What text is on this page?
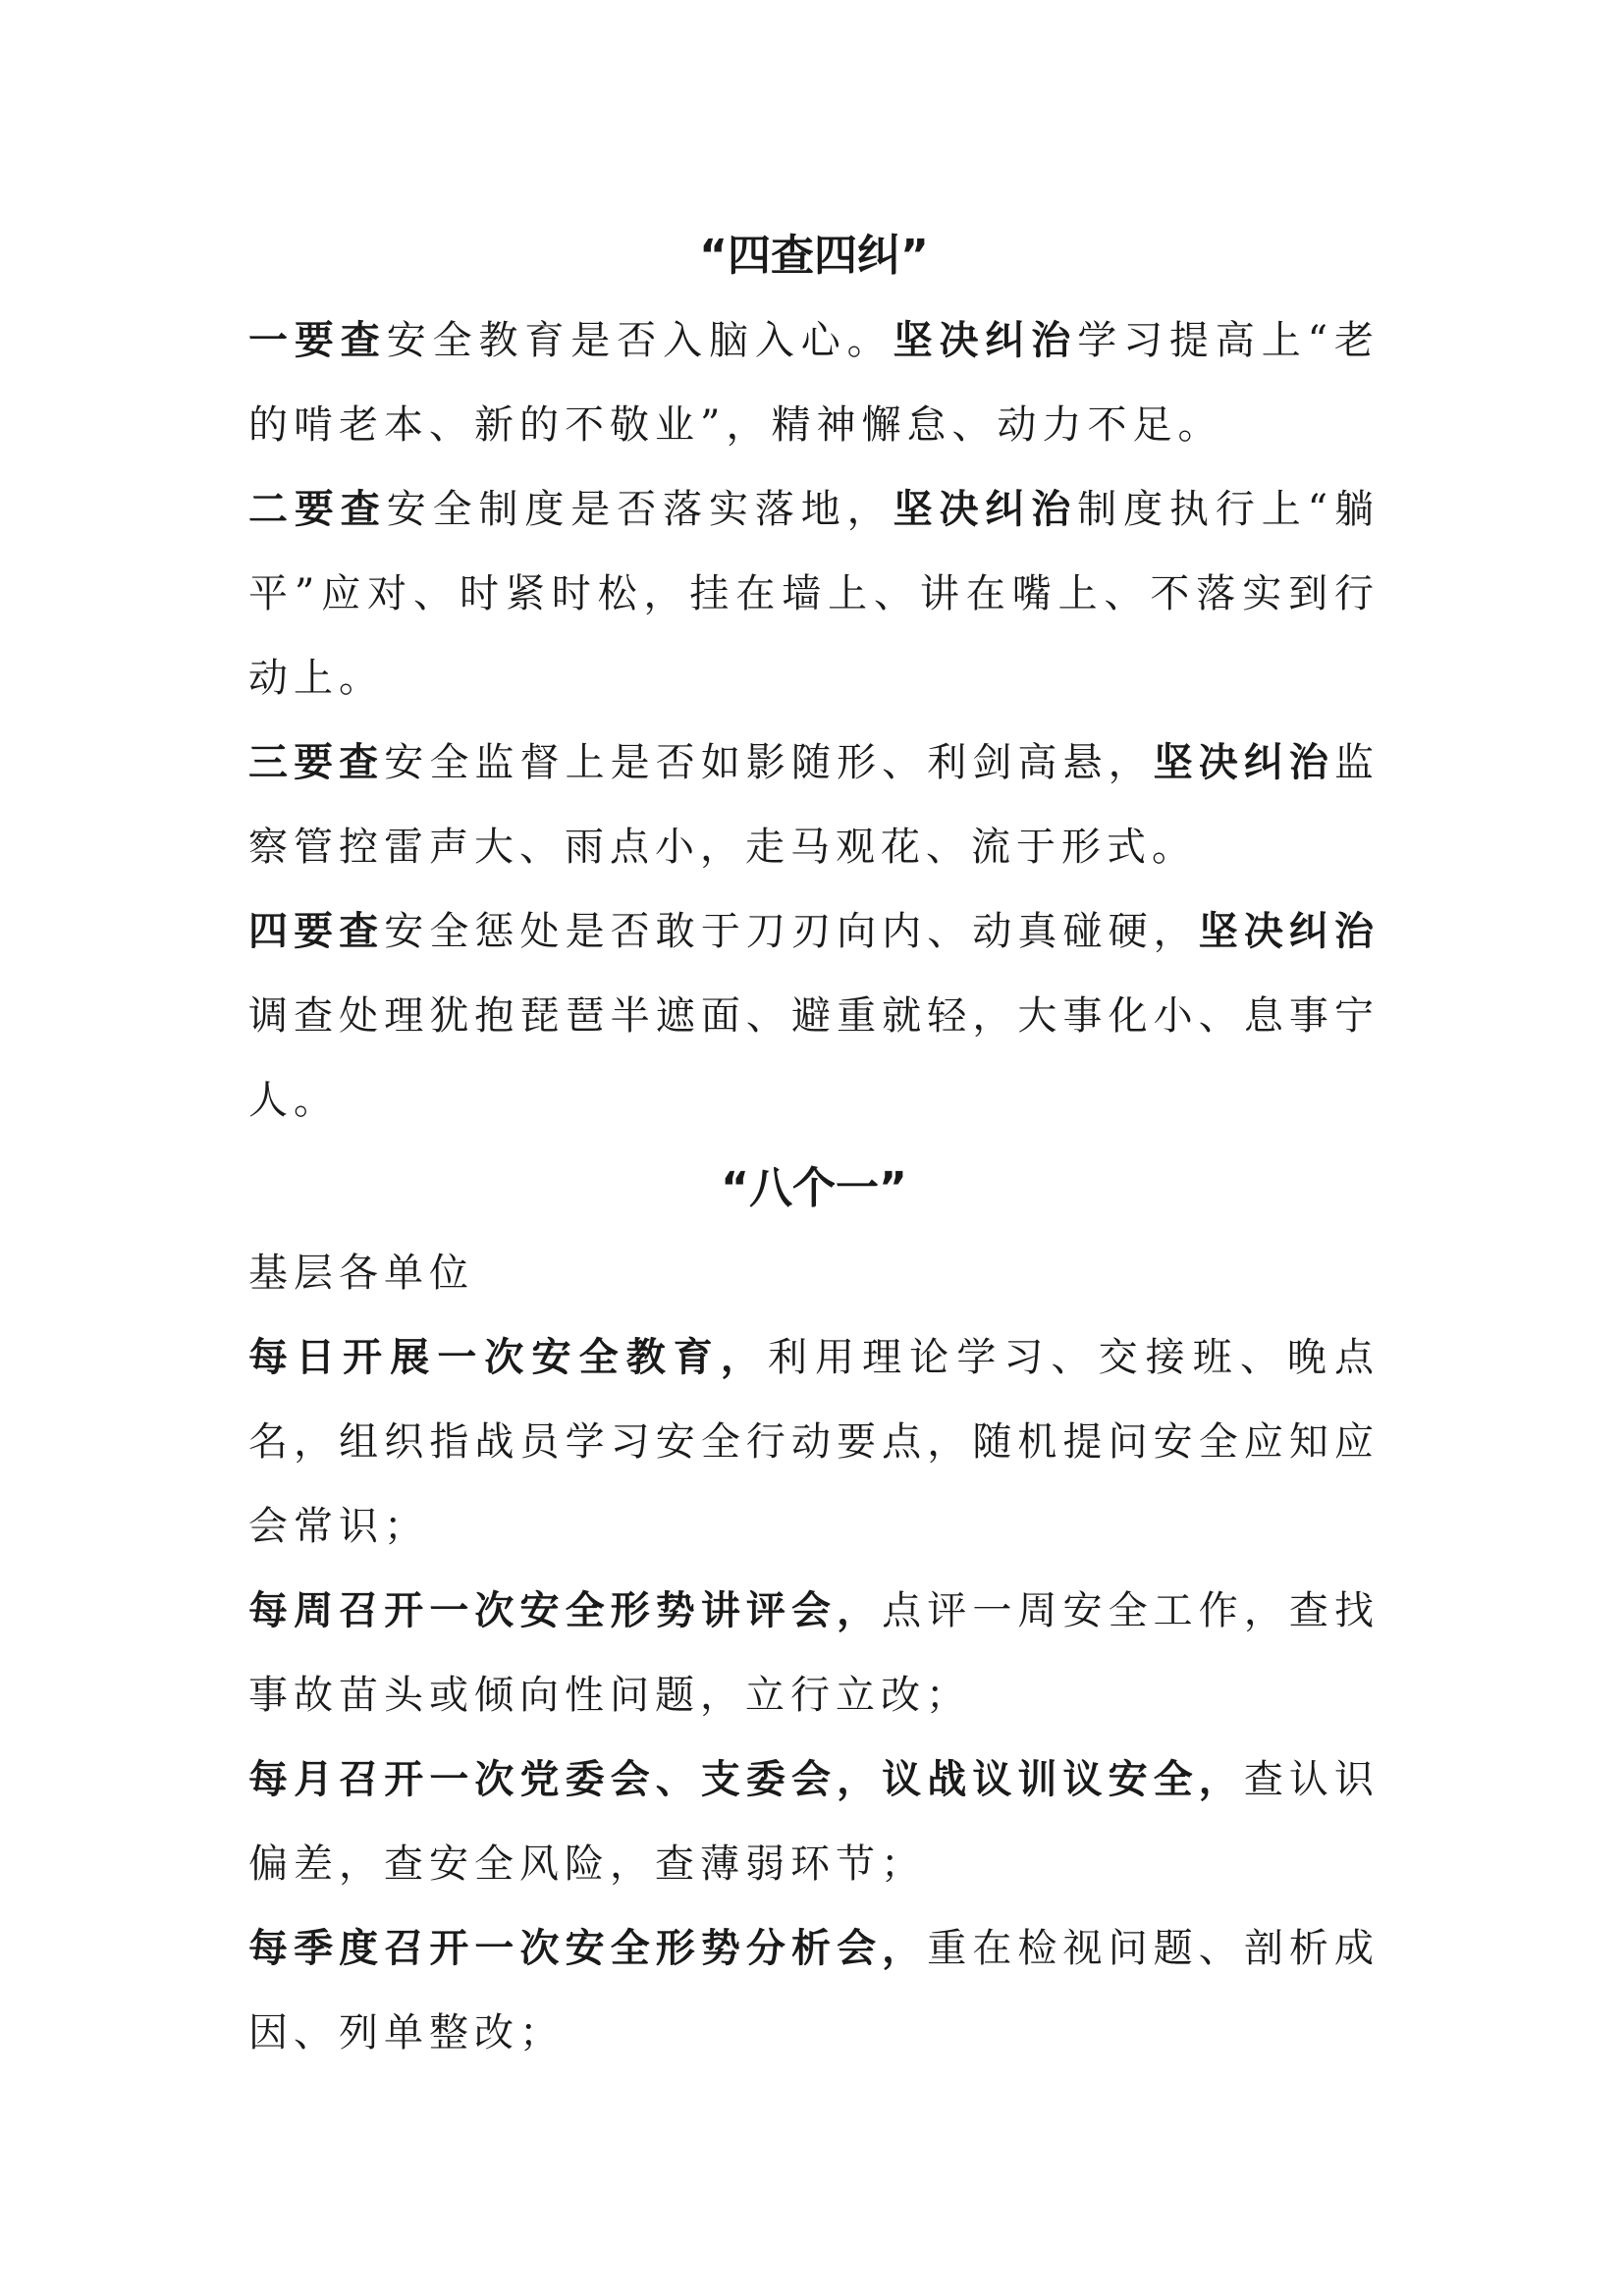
“四查四纠”

一要查安全教育是否入脑入心。坚决纠治学习提高上“老的啃老本、新的不敬业”，精神懈怠、动力不足。

二要查安全制度是否落实落地，坚决纠治制度执行上“躺平”应对、时紧时松，挂在墙上、讲在嘴上、不落实到行动上。

三要查安全监督上是否如影随形、利剑高悬，坚决纠治监察管控雷声大、雨点小，走马观花、流于形式。

四要查安全惩处是否敢于刀刃向内、动真碰硬，坚决纠治调查处理犹抱琵琶半遮面、避重就轻，大事化小、息事宁人。

“八个一”

基层各单位

每日开展一次安全教育，利用理论学习、交接班、晚点名，组织指战员学习安全行动要点，随机提问安全应知应会常识；

每周召开一次安全形势讲评会，点评一周安全工作，查找事故苗头或倾向性问题，立行立改；

每月召开一次党委会、支委会，议战议训议安全，查认识偏差，查安全风险，查薄弱环节；

每季度召开一次安全形势分析会，重在检视问题、剖析成因、列单整改；
